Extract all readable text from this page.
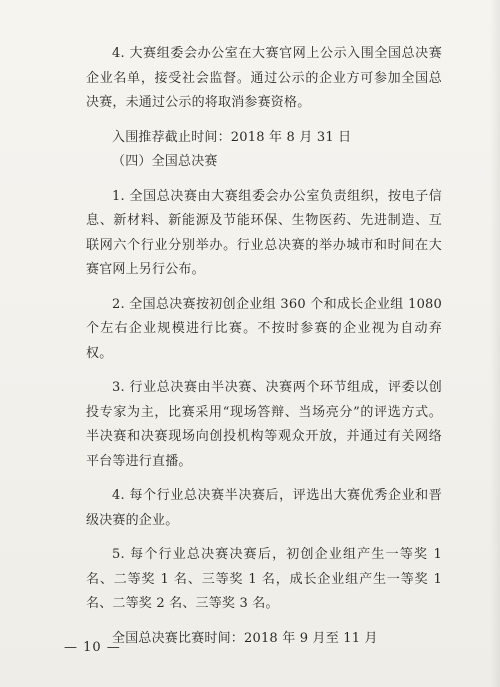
4. 大赛组委会办公室在大赛官网上公示入围全国总决赛企业名单，接受社会监督。通过公示的企业方可参加全国总决赛，未通过公示的将取消参赛资格。

入围推荐截止时间：2018 年 8 月 31 日

（四）全国总决赛

1. 全国总决赛由大赛组委会办公室负责组织，按电子信息、新材料、新能源及节能环保、生物医药、先进制造、互联网六个行业分别举办。行业总决赛的举办城市和时间在大赛官网上另行公布。

2. 全国总决赛按初创企业组 360 个和成长企业组 1080 个左右企业规模进行比赛。不按时参赛的企业视为自动弃权。

3. 行业总决赛由半决赛、决赛两个环节组成，评委以创投专家为主，比赛采用“现场答辩、当场亮分”的评选方式。半决赛和决赛现场向创投机构等观众开放，并通过有关网络平台等进行直播。

4. 每个行业总决赛半决赛后，评选出大赛优秀企业和晋级决赛的企业。

5. 每个行业总决赛决赛后，初创企业组产生一等奖 1 名、二等奖 1 名、三等奖 1 名，成长企业组产生一等奖 1 名、二等奖 2 名、三等奖 3 名。

全国总决赛比赛时间：2018 年 9 月至 11 月

— 10 —
